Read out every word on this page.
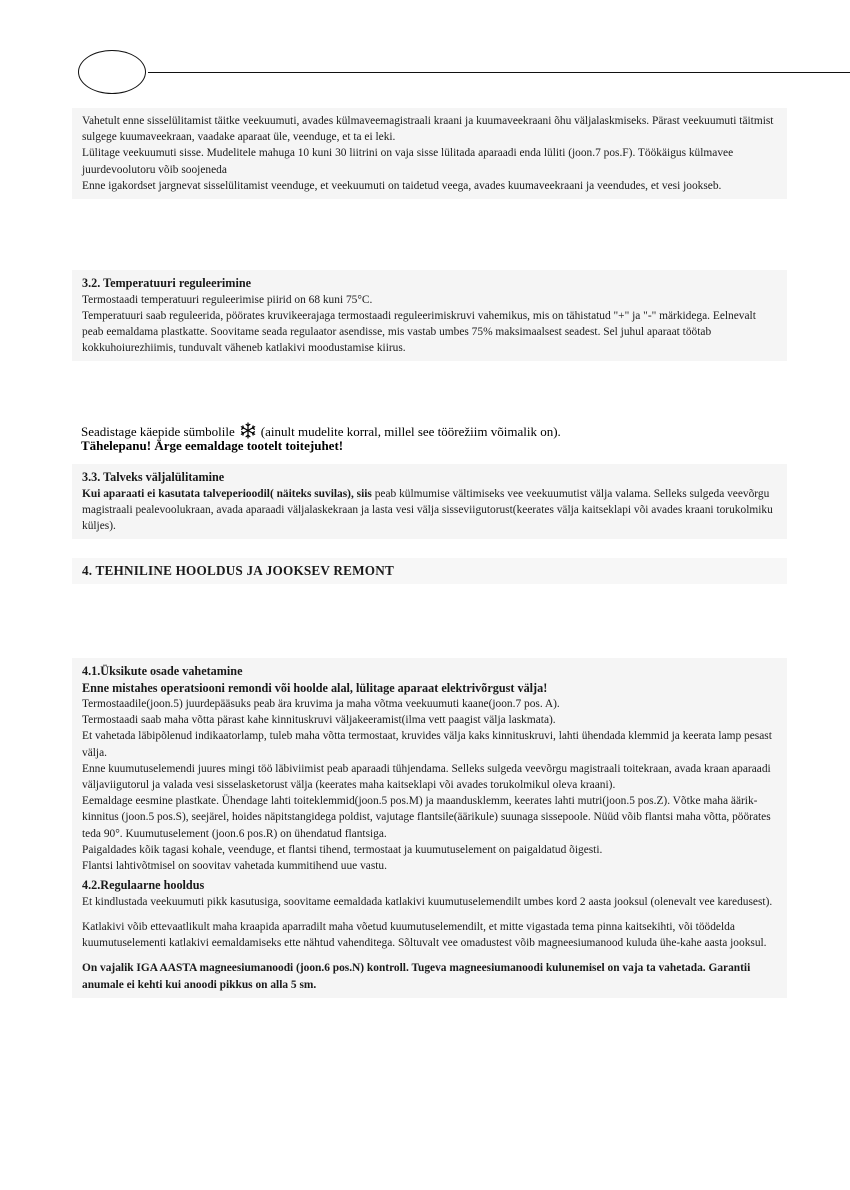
Vahetult enne sisselülitamist täitke veekuumuti, avades külmaveemagistraali kraani ja kuumaveekraani õhu väljalaskmiseks. Pärast veekuumuti täitmist sulgege kuumaveekraan, vaadake aparaat üle, veenduge, et ta ei leki.

Lülitage veekuumuti sisse. Mudelitele mahuga 10 kuni 30 liitrini on vaja sisse lülitada aparaadi enda lüliti (joon.7 pos.F). Töökäigus külmavee juurdevoolutoru võib soojeneda

Enne igakordset jargnevat sisselülitamist veenduge, et veekuumuti on taidetud veega, avades kuumaveekraani ja veendudes, et vesi jookseb.

3.2. Temperatuuri reguleerimine

Termostaadi temperatuuri reguleerimise piirid on 68 kuni 75°C.

Temperatuuri saab reguleerida, pöörates kruvikeerajaga termostaadi reguleerimiskruvi vahemikus, mis on tähistatud "+" ja "-" märkidega. Eelnevalt peab eemaldama plastkatte. Soovitame seada regulaator asendisse, mis vastab umbes 75% maksimaalsest seadest. Sel juhul aparaat töötab kokkuhoiurezhiimis, tunduvalt väheneb katlakivi moodustamise kiirus.

Seadistage käepide sümbolile (ainult mudelite korral, millel see töörežiim võimalik on).
Tähelepanu! Ärge eemaldage tootelt toitejuhet!

3.3. Talveks väljalülitamine

Kui aparaati ei kasutata talveperioodil( näiteks suvilas), siis peab külmumise vältimiseks vee veekuumutist välja valama. Selleks sulgeda veevõrgu magistraali pealevoolukraan, avada aparaadi väljalaskekraan ja lasta vesi välja sisseviigutorust(keerates välja kaitseklapi või avades kraani torukolmiku küljes).

4. TEHNILINE HOOLDUS JA JOOKSEV REMONT

4.1.Üksikute osade vahetamine

Enne mistahes operatsiooni remondi või hoolde alal, lülitage aparaat elektrivõrgust välja!

Termostaadile(joon.5) juurdepääsuks peab ära kruvima ja maha võtma veekuumuti kaane(joon.7 pos. A).

Termostaadi saab maha võtta pärast kahe kinnituskruvi väljakeeramist(ilma vett paagist välja laskmata).

Et vahetada läbipõlenud indikaatorlamp, tuleb maha võtta termostaat, kruvides välja kaks kinnituskruvi, lahti ühendada klemmid ja keerata lamp pesast välja.

Enne kuumutuselemendi juures mingi töö läbiviimist peab aparaadi tühjendama. Selleks sulgeda veevõrgu magistraali toitekraan, avada kraan aparaadi väljaviigutorul ja valada vesi sisselasketorust välja (keerates maha kaitseklapi või avades torukolmikul oleva kraani).

Eemaldage eesmine plastkate. Ühendage lahti toiteklemmid(joon.5 pos.M) ja maandusklemm, keerates lahti mutri(joon.5 pos.Z). Võtke maha äärik-kinnitus (joon.5 pos.S), seejärel, hoides näpitstangidega poldist, vajutage flantsile(äärikule) suunaga sissepoole. Nüüd võib flantsi maha võtta, pöörates teda 90°. Kuumutuselement (joon.6 pos.R) on ühendatud flantsiga.

Paigaldades kõik tagasi kohale, veenduge, et flantsi tihend, termostaat ja kuumutuselement on paigaldatud õigesti.

Flantsi lahtivõtmisel on soovitav vahetada kummitihend uue vastu.

4.2.Regulaarne hooldus

Et kindlustada veekuumuti pikk kasutusiga, soovitame eemaldada katlakivi kuumutuselemendilt umbes kord 2 aasta jooksul (olenevalt vee karedusest).

Katlakivi võib ettevaatlikult maha kraapida aparradilt maha võetud kuumutuselemendilt, et mitte vigastada tema pinna kaitsekihti, või töödelda kuumutuselementi katlakivi eemaldamiseks ette nähtud vahenditega. Sõltuvalt vee omadustest võib magneesiumanood kuluda ühe-kahe aasta jooksul.

On vajalik IGA AASTA magneesiumanoodi (joon.6 pos.N) kontroll. Tugeva magneesiumanoodi kulunemisel on vaja ta vahetada. Garantii anumale ei kehti kui anoodi pikkus on alla 5 sm.
